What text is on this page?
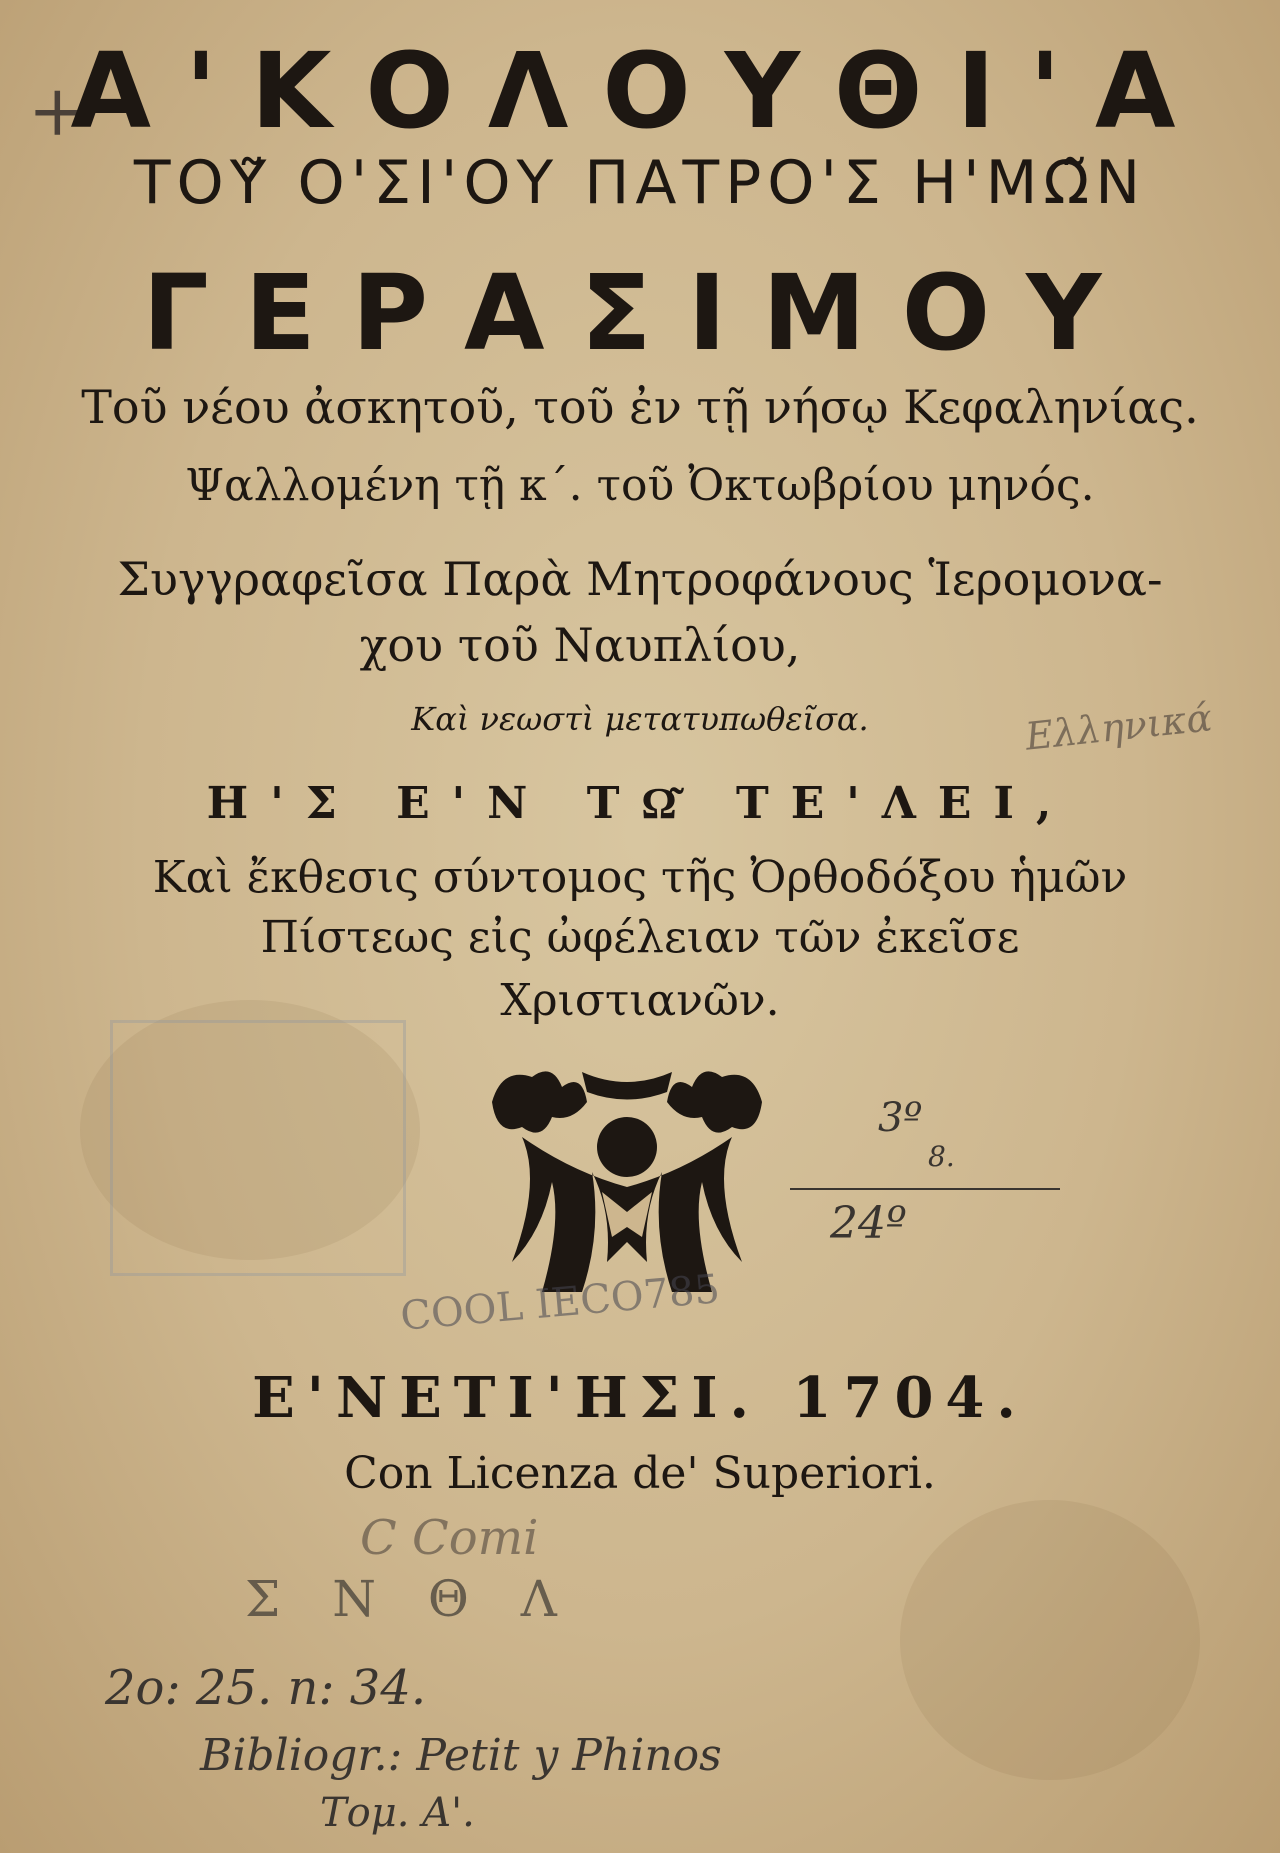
+
Α'ΚΟΛΟΥΘΙ'Α
ΤΟΥ͂ Ο'ΣΙ'ΟΥ ΠΑΤΡΟ'Σ Η'ΜΩ͂Ν
ΓΕΡΑΣΙΜΟΥ
Τοῦ νέου ἀσκητοῦ, τοῦ ἐν τῇ νήσῳ Κεφαληνίας.
Ψαλλομένη τῇ κ΄. τοῦ Ὀκτωβρίου μηνός.
Συγγραφεῖσα Παρὰ Μητροφάνους Ἱερομονα-
χου τοῦ Ναυπλίου,
Καὶ νεωστὶ μετατυπωθεῖσα.
Η'Σ Ε'Ν ΤΩ͂ ΤΕ'ΛΕΙ,
Καὶ ἔκθεσις σύντομος τῆς Ὀρθοδόξου ἡμῶν
Πίστεως εἰς ὠφέλειαν τῶν ἐκεῖσε
Χριστιανῶν.
3º
8.
24º
Ελληνικά
COOL IECO785
Ε'ΝΕΤΙ'ΗΣΙ. 1704.
Con Licenza de' Superiori.
C Comi
Σ Ν Θ Λ
2o: 25. n: 34.
Bibliogr.: Petit y Phinos
Τομ. Α'.
